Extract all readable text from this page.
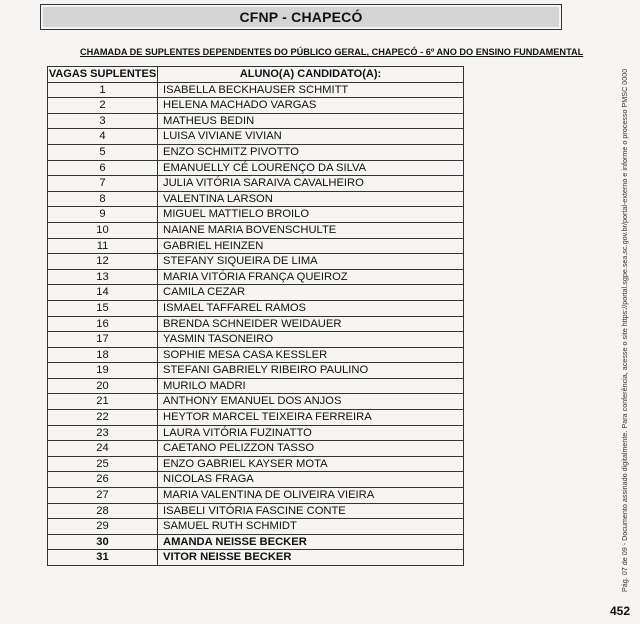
CFNP - CHAPECÓ
CHAMADA DE SUPLENTES DEPENDENTES DO PÚBLICO GERAL, CHAPECÓ - 6º ANO DO ENSINO FUNDAMENTAL
VAGAS SUPLENTES	ALUNO(A) CANDIDATO(A):
1	ISABELLA BECKHAUSER SCHMITT
2	HELENA MACHADO VARGAS
3	MATHEUS BEDIN
4	LUISA VIVIANE VIVIAN
5	ENZO SCHMITZ PIVOTTO
6	EMANUELLY CÉ LOURENÇO DA SILVA
7	JULIA VITÓRIA SARAIVA CAVALHEIRO
8	VALENTINA LARSON
9	MIGUEL MATTIELO BROILO
10	NAIANE MARIA BOVENSCHULTE
11	GABRIEL HEINZEN
12	STEFANY SIQUEIRA DE LIMA
13	MARIA VITÓRIA FRANÇA QUEIROZ
14	CAMILA CEZAR
15	ISMAEL TAFFAREL RAMOS
16	BRENDA SCHNEIDER WEIDAUER
17	YASMIN TASONEIRO
18	SOPHIE MESA CASA KESSLER
19	STEFANI GABRIELY RIBEIRO PAULINO
20	MURILO MADRI
21	ANTHONY EMANUEL DOS ANJOS
22	HEYTOR MARCEL TEIXEIRA FERREIRA
23	LAURA VITÓRIA FUZINATTO
24	CAETANO PELIZZON TASSO
25	ENZO GABRIEL KAYSER MOTA
26	NICOLAS FRAGA
27	MARIA VALENTINA DE OLIVEIRA VIEIRA
28	ISABELI VITÓRIA FASCINE CONTE
29	SAMUEL RUTH SCHMIDT
30	AMANDA NEISSE BECKER
31	VITOR NEISSE BECKER	Pág. 07 de 09 - Documento assinado digitalmente. Para conferência, acesse o site https://portal.sgpe.sea.sc.gov.br/portal-externo e informe o processo PMSC 0000
452
